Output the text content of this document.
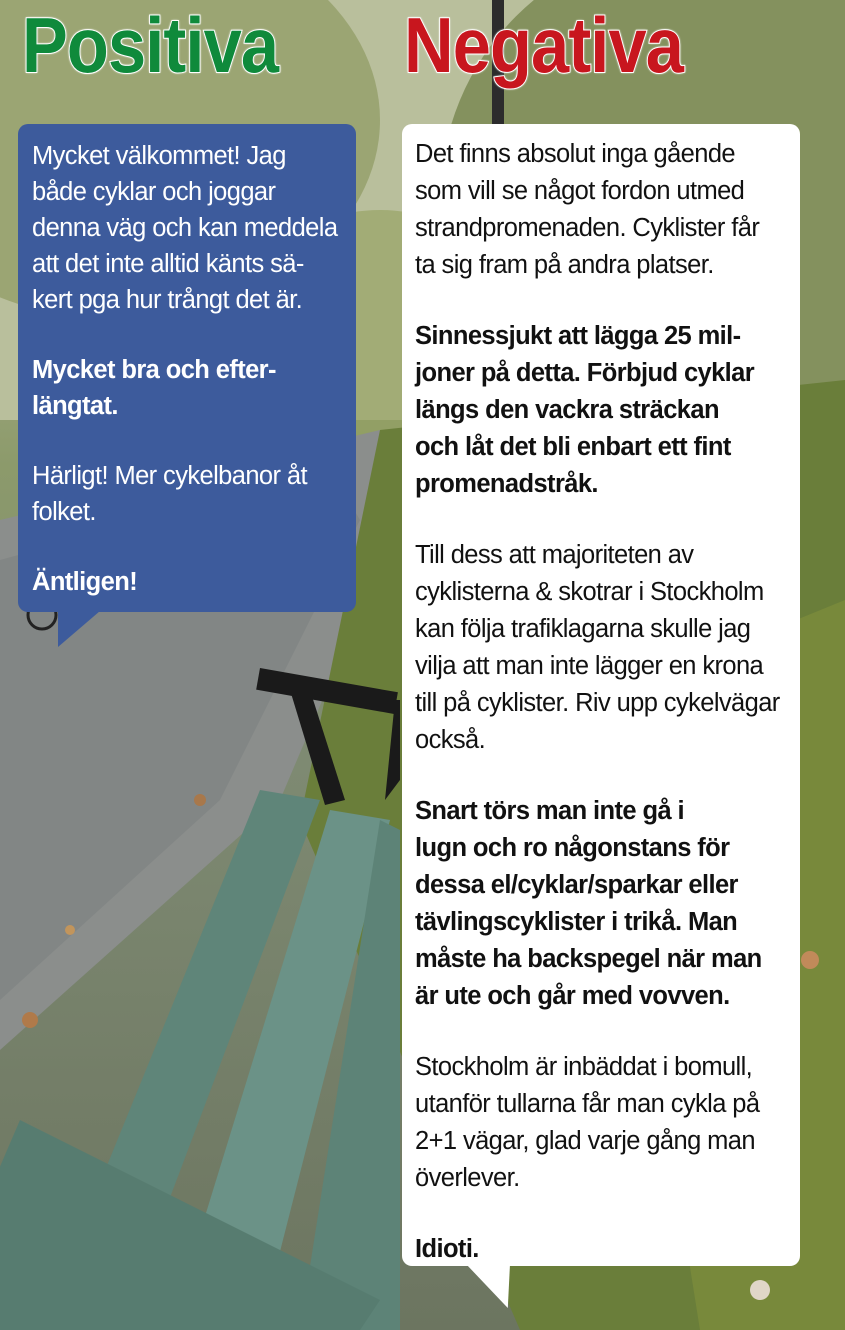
Positiva Negativa

Mycket välkommet! Jag
både cyklar och joggar
denna väg och kan meddela
att det inte alltid känts sä-
kert pga hur trångt det är.

Mycket bra och efter-
längtat.

Härligt! Mer cykelbanor åt
folket.

Äntligen!

Det finns absolut inga gående
som vill se något fordon utmed
strandpromenaden. Cyklister får
ta sig fram på andra platser.

Sinnessjukt att lägga 25 mil-
joner på detta. Förbjud cyklar
längs den vackra sträckan
och låt det bli enbart ett fint
promenadstråk.

Till dess att majoriteten av
cyklisterna & skotrar i Stockholm
kan följa trafiklagarna skulle jag
vilja att man inte lägger en krona
till på cyklister. Riv upp cykelvägar
också.

Snart törs man inte gå i
lugn och ro någonstans för
dessa el/cyklar/sparkar eller
tävlingscyklister i trikå. Man
måste ha backspegel när man
är ute och går med vovven.

Stockholm är inbäddat i bomull,
utanför tullarna får man cykla på
2+1 vägar, glad varje gång man
överlever.

Idioti.
